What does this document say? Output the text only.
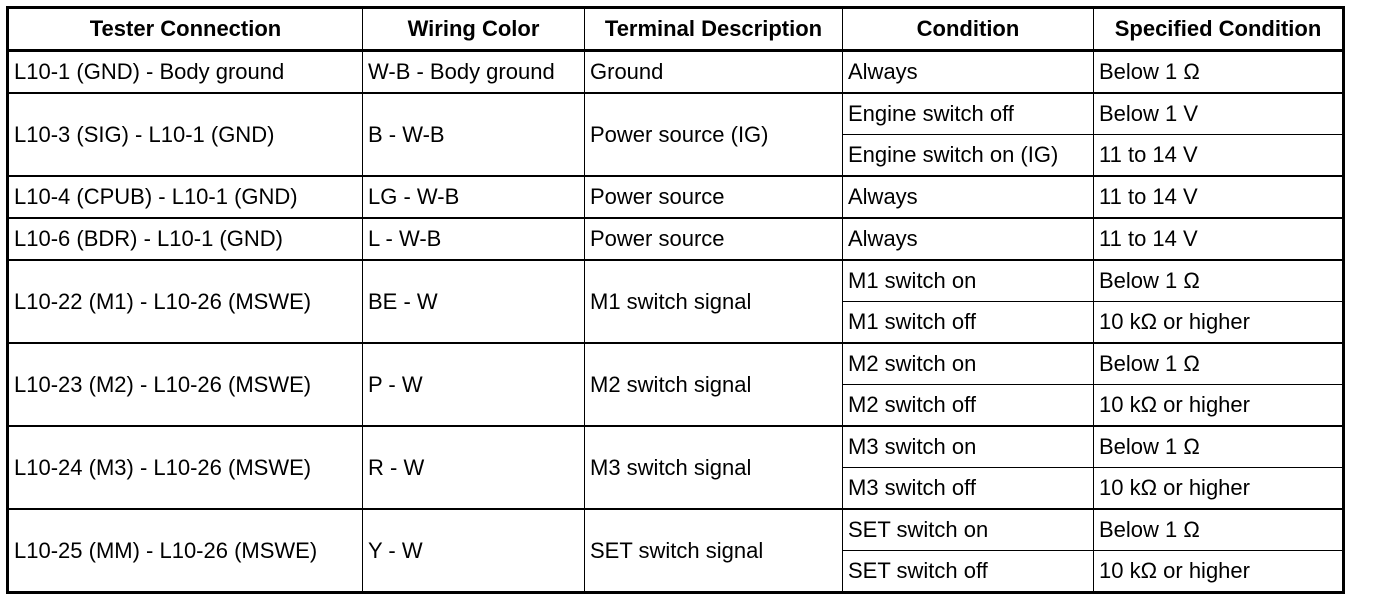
Tester Connection	Wiring Color	Terminal Description	Condition	Specified Condition
L10-1 (GND) - Body ground	W-B - Body ground	Ground	Always	Below 1 Ω
L10-3 (SIG) - L10-1 (GND)	B - W-B	Power source (IG)	Engine switch off	Below 1 V
			Engine switch on (IG)	11 to 14 V
L10-4 (CPUB) - L10-1 (GND)	LG - W-B	Power source	Always	11 to 14 V
L10-6 (BDR) - L10-1 (GND)	L - W-B	Power source	Always	11 to 14 V
L10-22 (M1) - L10-26 (MSWE)	BE - W	M1 switch signal	M1 switch on	Below 1 Ω
			M1 switch off	10 kΩ or higher
L10-23 (M2) - L10-26 (MSWE)	P - W	M2 switch signal	M2 switch on	Below 1 Ω
			M2 switch off	10 kΩ or higher
L10-24 (M3) - L10-26 (MSWE)	R - W	M3 switch signal	M3 switch on	Below 1 Ω
			M3 switch off	10 kΩ or higher
L10-25 (MM) - L10-26 (MSWE)	Y - W	SET switch signal	SET switch on	Below 1 Ω
			SET switch off	10 kΩ or higher
